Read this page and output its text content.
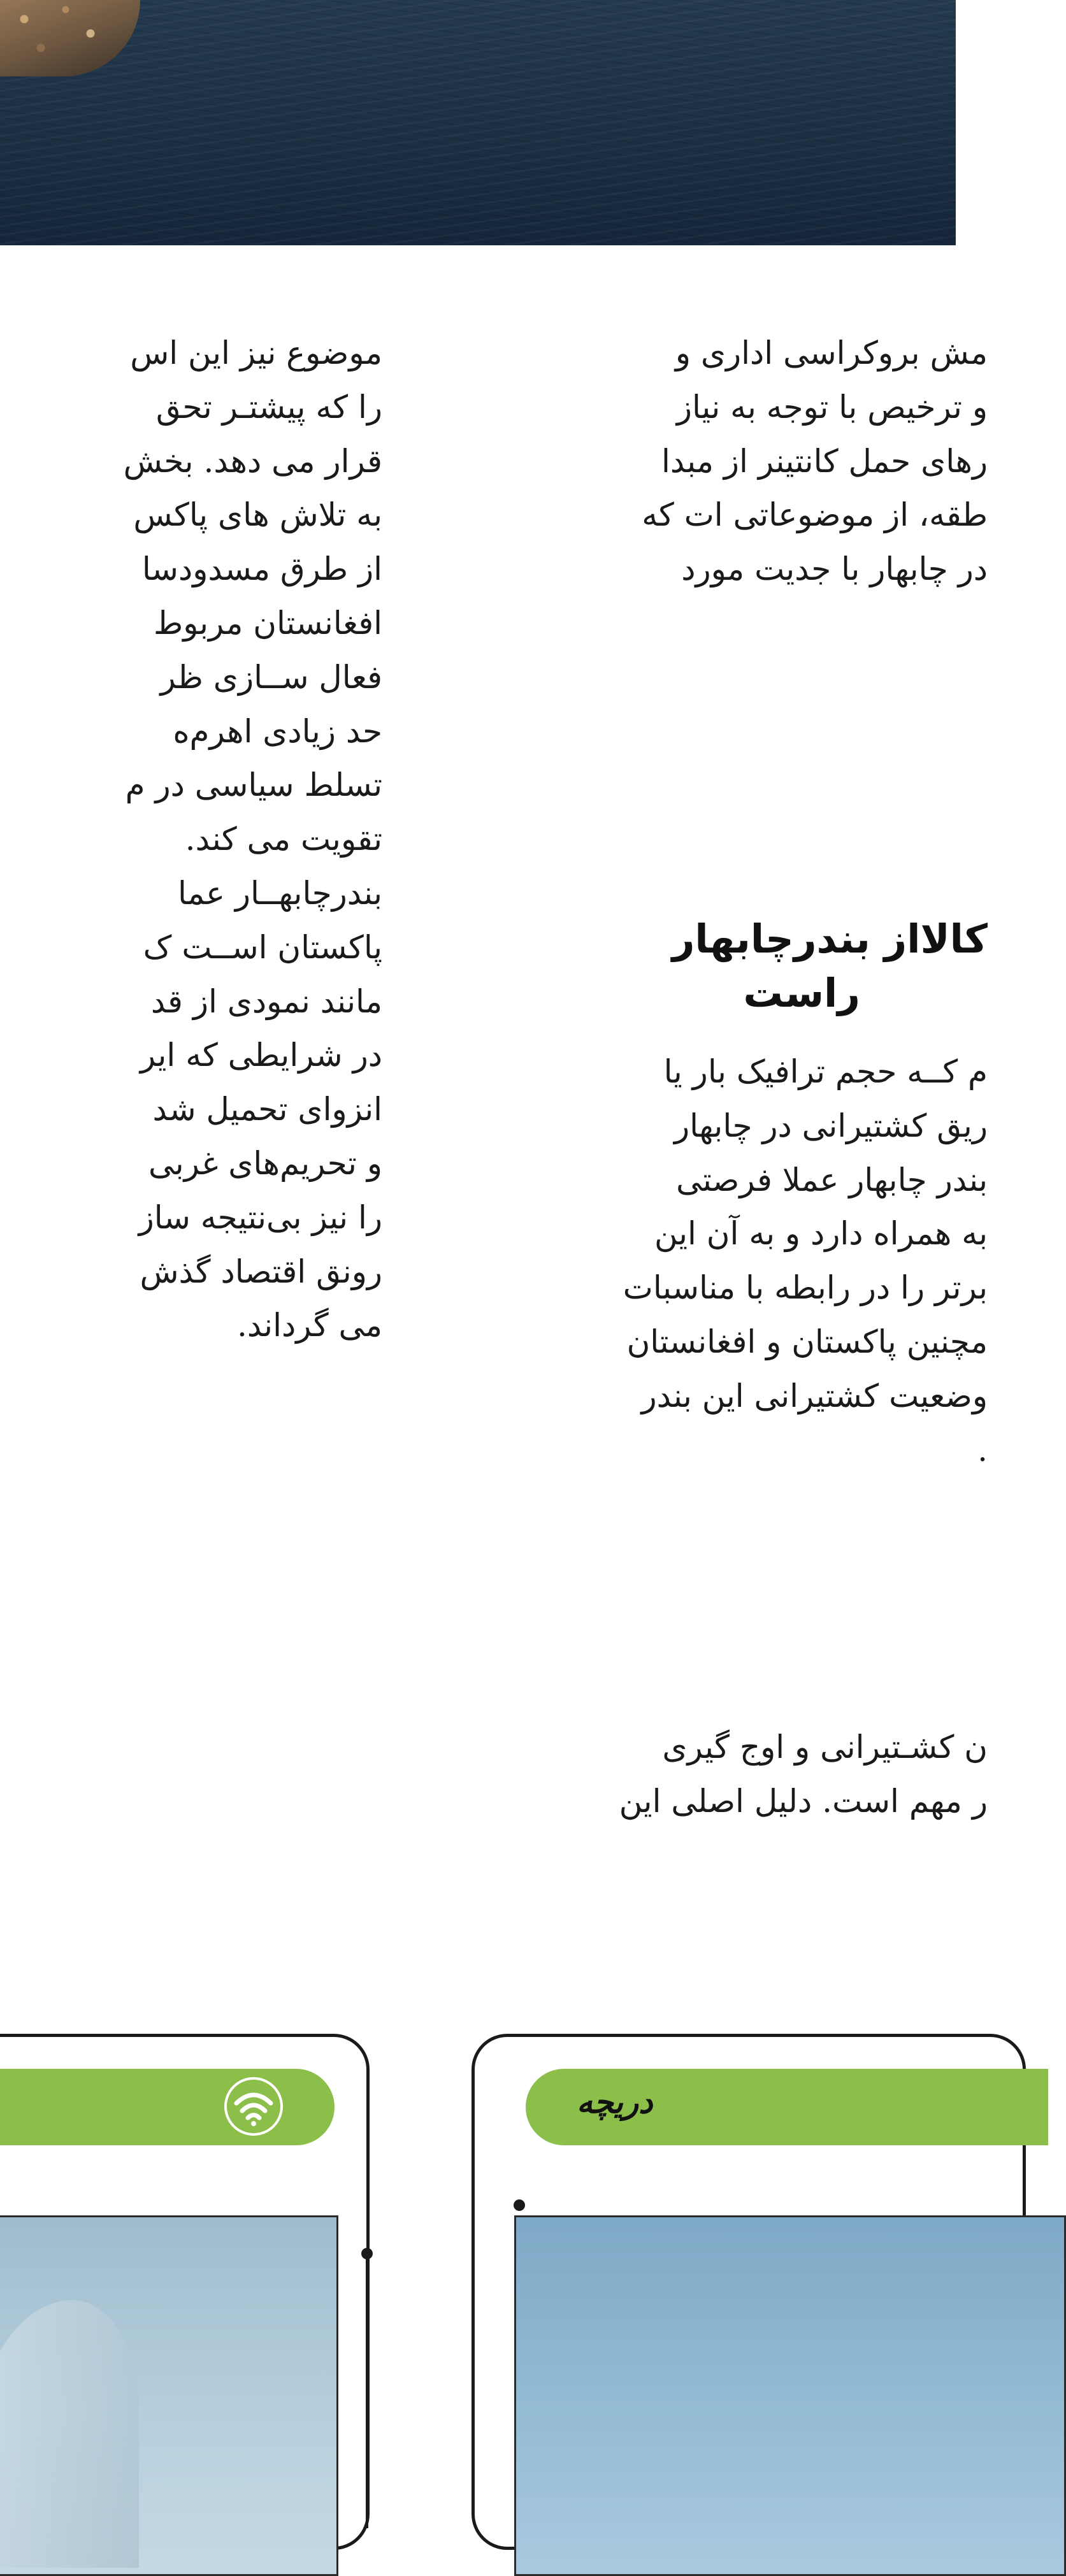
مش بروکراسی اداری و
و ترخیص با توجه به نیاز
رهای حمل کانتینر از مبدا
طقه، از موضوعاتی ات که
در چابهار با جدیت مورد
کالااز بندرچابهار
راست
م کــه حجم ترافیک بار یا
ریق کشتیرانی در چابهار
بندر چابهار عملا فرصتی
به همراه دارد و به آن این
برتر را در رابطه با مناسبات
مچنین پاکستان و افغانستان
وضعیت کشتیرانی این بندر
.
ن کشـتیرانی و اوج گیری
ر مهم است. دلیل اصلی این
موضوع نیز این اس
را که پیشتـر تحق
قرار می دهد. بخش
به تلاش های پاکس
از طرق مسدودسا
افغانستان مربوط
فعال ســازی ظر
حد زیادی اهرم‌ه
تسلط سیاسی در م
تقویت می کند.
بندرچابهــار عما
پاکستان اســت ک
مانند نمودی از قد
در شرایطی که ایر
انزوای تحمیل شد
و تحریم‌های غربی
را نیز بی‌نتیجه ساز
رونق اقتصاد گذش
می گرداند.
دریچه
